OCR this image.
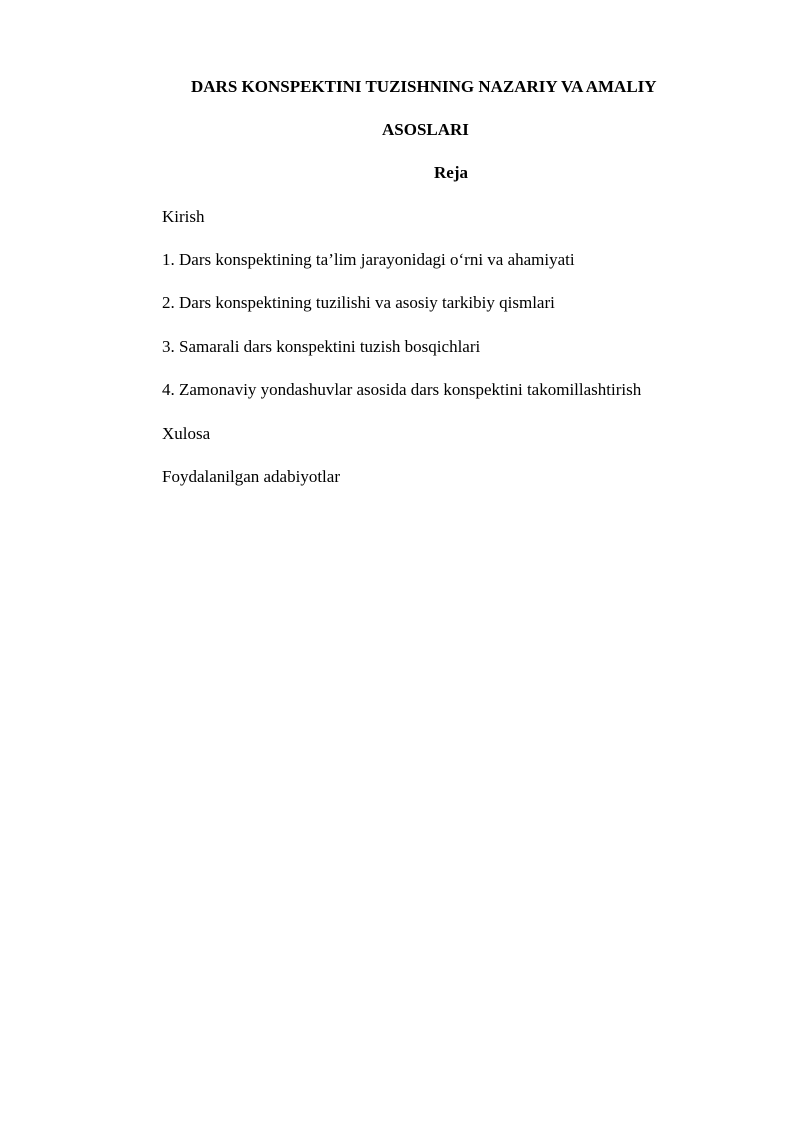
DARS KONSPEKTINI TUZISHNING NAZARIY VA AMALIY
ASOSLARI
Reja
Kirish
1. Dars konspektining ta’lim jarayonidagi o‘rni va ahamiyati
2. Dars konspektining tuzilishi va asosiy tarkibiy qismlari
3. Samarali dars konspektini tuzish bosqichlari
4. Zamonaviy yondashuvlar asosida dars konspektini takomillashtirish
Xulosa
Foydalanilgan adabiyotlar
